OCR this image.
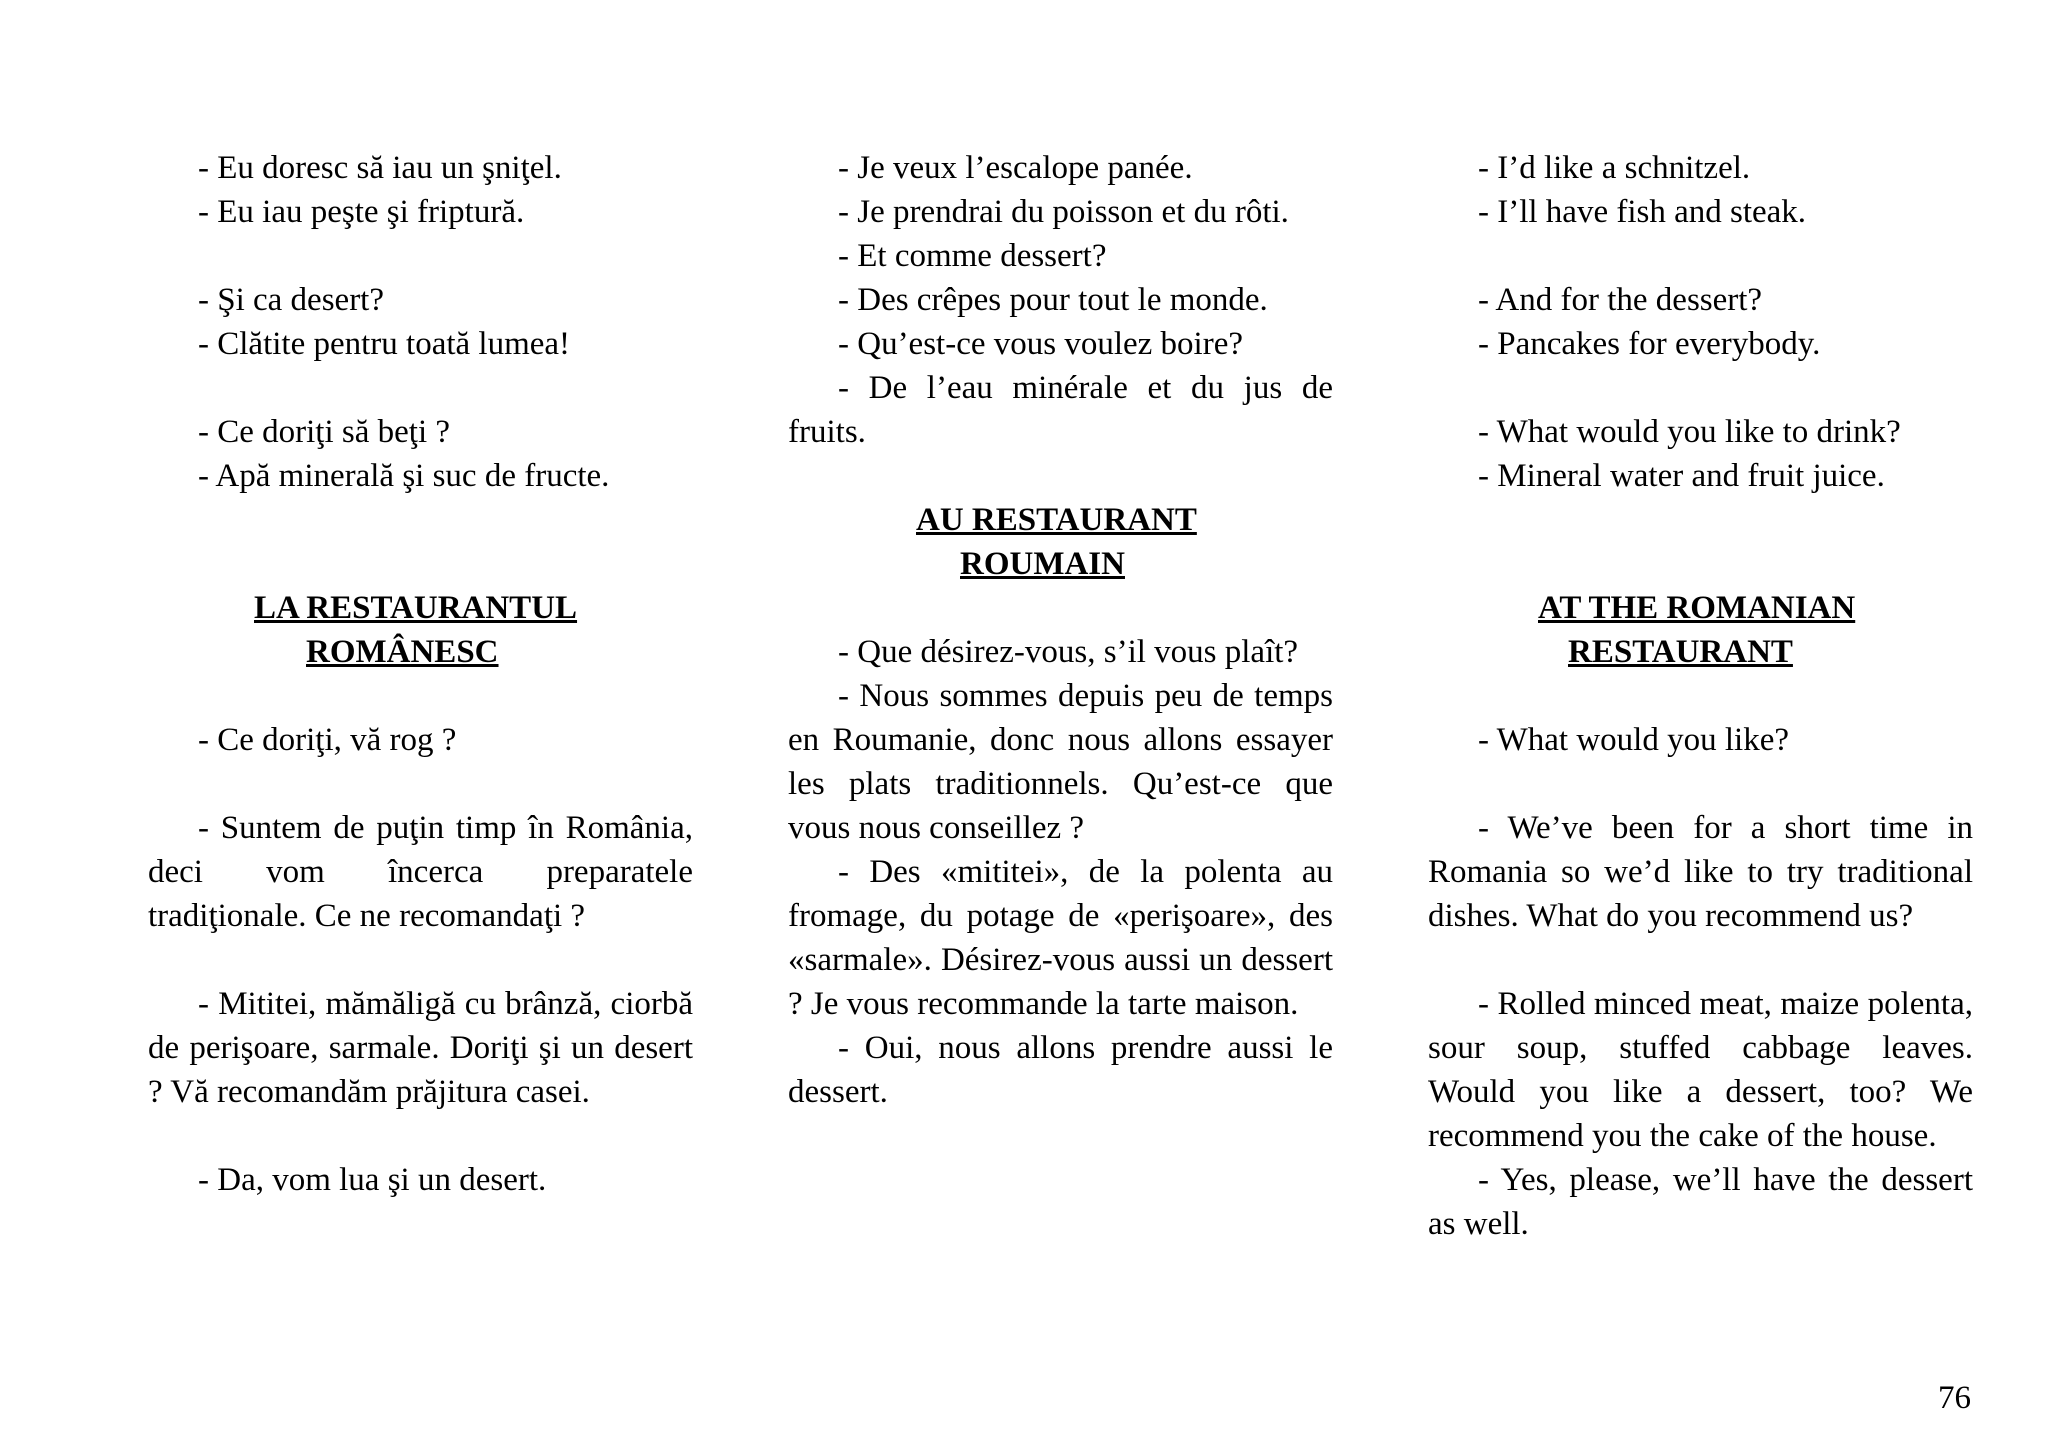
- Eu doresc să iau un şniţel.

- Eu iau peşte şi friptură.

- Şi ca desert?

- Clătite pentru toată lumea!

- Ce doriţi să beţi ?

- Apă minerală şi suc de fructe.

LA RESTAURANTUL
ROMÂNESC

- Ce doriţi, vă rog ?

- Suntem de puţin timp în România, deci vom încerca preparatele tradiţionale. Ce ne recomandaţi ?

- Mititei, mămăligă cu brânză, ciorbă de perişoare, sarmale. Doriţi şi un desert ? Vă recomandăm prăjitura casei.

- Da, vom lua şi un desert.

- Je veux l’escalope panée.

- Je prendrai du poisson et du rôti.

- Et comme dessert?

- Des crêpes pour tout le monde.

- Qu’est-ce vous voulez boire?

- De l’eau minérale et du jus de fruits.

AU RESTAURANT
ROUMAIN

- Que désirez-vous, s’il vous plaît?

- Nous sommes depuis peu de temps en Roumanie, donc nous allons essayer les plats traditionnels. Qu’est-ce que vous nous conseillez ?

- Des «mititei», de la polenta au fromage, du potage de «perişoare», des «sarmale». Désirez-vous aussi un dessert ? Je vous recommande la tarte maison.

- Oui, nous allons prendre aussi le dessert.

- I’d like a schnitzel.

- I’ll have fish and steak.

- And for the dessert?

- Pancakes for everybody.

- What would you like to drink?

- Mineral water and fruit juice.

AT THE ROMANIAN
RESTAURANT

- What would you like?

- We’ve been for a short time in Romania so we’d like to try traditional dishes. What do you recommend us?

- Rolled minced meat, maize polenta, sour soup, stuffed cabbage leaves. Would you like a dessert, too? We recommend you the cake of the house.

- Yes, please, we’ll have the dessert as well.

76
